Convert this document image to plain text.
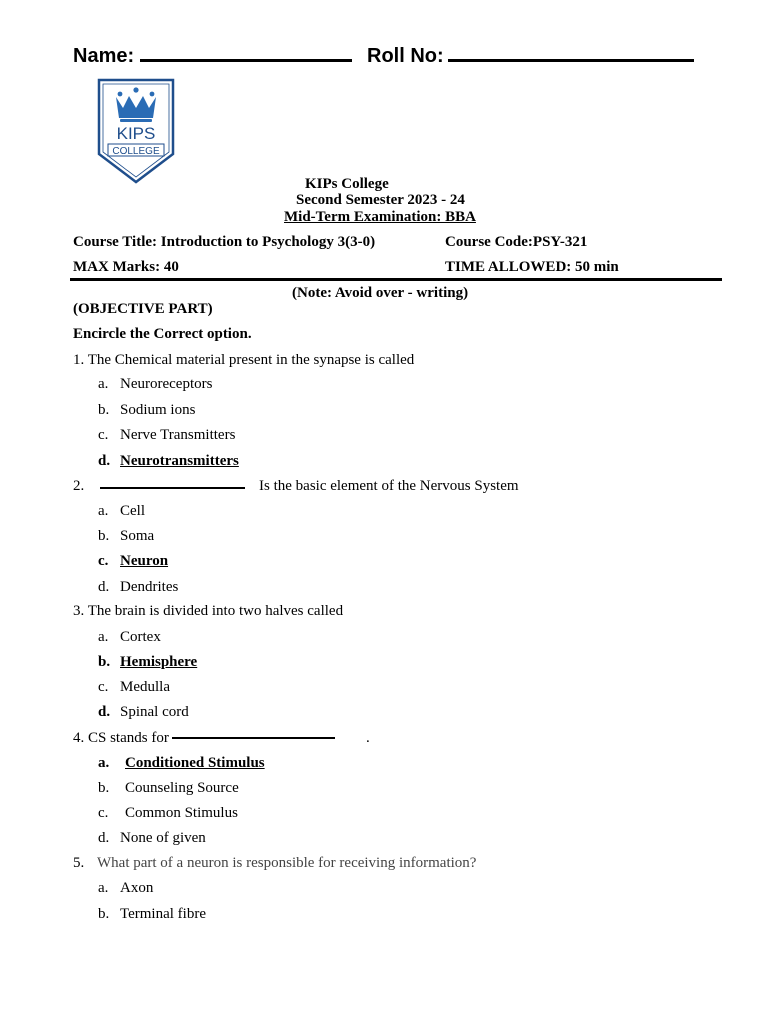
Name:	Roll No:
KIPS
COLLEGE
KIPs College
Second Semester 2023 - 24
Mid-Term Examination: BBA
Course Title: Introduction to Psychology 3(3-0)	Course Code:PSY-321
MAX Marks: 40	TIME ALLOWED: 50 min
(Note: Avoid over - writing)
(OBJECTIVE PART)
Encircle the Correct option.
1. The Chemical material present in the synapse is called
a. Neuroreceptors
b. Sodium ions
c. Nerve Transmitters
d. Neurotransmitters
2.	Is the basic element of the Nervous System
a. Cell
b. Soma
c. Neuron
d. Dendrites
3. The brain is divided into two halves called
a. Cortex
b. Hemisphere
c. Medulla
d. Spinal cord
4. CS stands for	.
a. Conditioned Stimulus
b. Counseling Source
c. Common Stimulus
d. None of given
5. What part of a neuron is responsible for receiving information?
a. Axon
b. Terminal fibre
